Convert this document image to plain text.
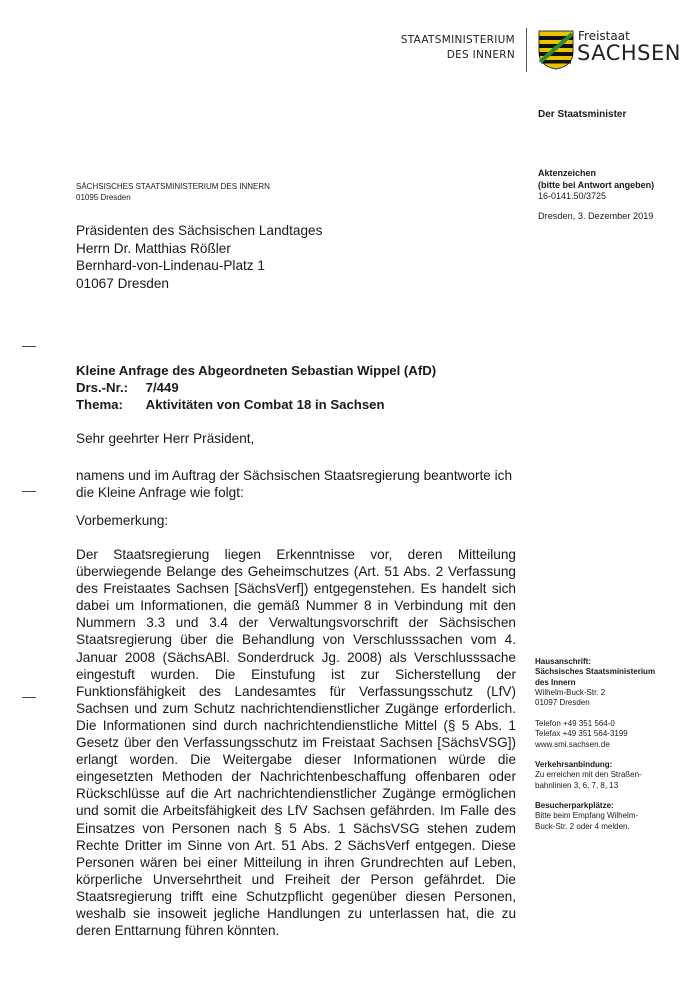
STAATSMINISTERIUM
DES INNERN
Freistaat
SACHSEN
Der Staatsminister
Aktenzeichen
(bitte bei Antwort angeben)
16-0141.50/3725
Dresden, 3. Dezember 2019
SÄCHSISCHES STAATSMINISTERIUM DES INNERN
01095 Dresden
Präsidenten des Sächsischen Landtages
Herrn Dr. Matthias Rößler
Bernhard-von-Lindenau-Platz 1
01067 Dresden
Kleine Anfrage des Abgeordneten Sebastian Wippel (AfD)
Drs.-Nr.: 7/449
Thema: Aktivitäten von Combat 18 in Sachsen
Sehr geehrter Herr Präsident,
namens und im Auftrag der Sächsischen Staatsregierung beantworte ich die Kleine Anfrage wie folgt:
Vorbemerkung:
Der Staatsregierung liegen Erkenntnisse vor, deren Mitteilung überwiegende Belange des Geheimschutzes (Art. 51 Abs. 2 Verfassung des Freistaates Sachsen [SächsVerf]) entgegenstehen. Es handelt sich dabei um Informationen, die gemäß Nummer 8 in Verbindung mit den Nummern 3.3 und 3.4 der Verwaltungsvorschrift der Sächsischen Staatsregierung über die Behandlung von Verschlusssachen vom 4. Januar 2008 (SächsABl. Sonderdruck Jg. 2008) als Verschlusssache eingestuft wurden. Die Einstufung ist zur Sicherstellung der Funktionsfähigkeit des Landesamtes für Verfassungsschutz (LfV) Sachsen und zum Schutz nachrichtendienstlicher Zugänge erforderlich. Die Informationen sind durch nachrichtendienstliche Mittel (§ 5 Abs. 1 Gesetz über den Verfassungsschutz im Freistaat Sachsen [SächsVSG]) erlangt worden. Die Weitergabe dieser Informationen würde die eingesetzten Methoden der Nachrichtenbeschaffung offenbaren oder Rückschlüsse auf die Art nachrichtendienstlicher Zugänge ermöglichen und somit die Arbeitsfähigkeit des LfV Sachsen gefährden. Im Falle des Einsatzes von Personen nach § 5 Abs. 1 SächsVSG stehen zudem Rechte Dritter im Sinne von Art. 51 Abs. 2 SächsVerf entgegen. Diese Personen wären bei einer Mitteilung in ihren Grundrechten auf Leben, körperliche Unversehrtheit und Freiheit der Person gefährdet. Die Staatsregierung trifft eine Schutzpflicht gegenüber diesen Personen, weshalb sie insoweit jegliche Handlungen zu unterlassen hat, die zu deren Enttarnung führen könnten.
Hausanschrift:
Sächsisches Staatsministerium
des Innern
Wilhelm-Buck-Str. 2
01097 Dresden
Telefon +49 351 564-0
Telefax +49 351 564-3199
www.smi.sachsen.de
Verkehrsanbindung:
Zu erreichen mit den Straßen-
bahnlinien 3, 6, 7, 8, 13
Besucherparkplätze:
Bitte beim Empfang Wilhelm-
Buck-Str. 2 oder 4 melden.
